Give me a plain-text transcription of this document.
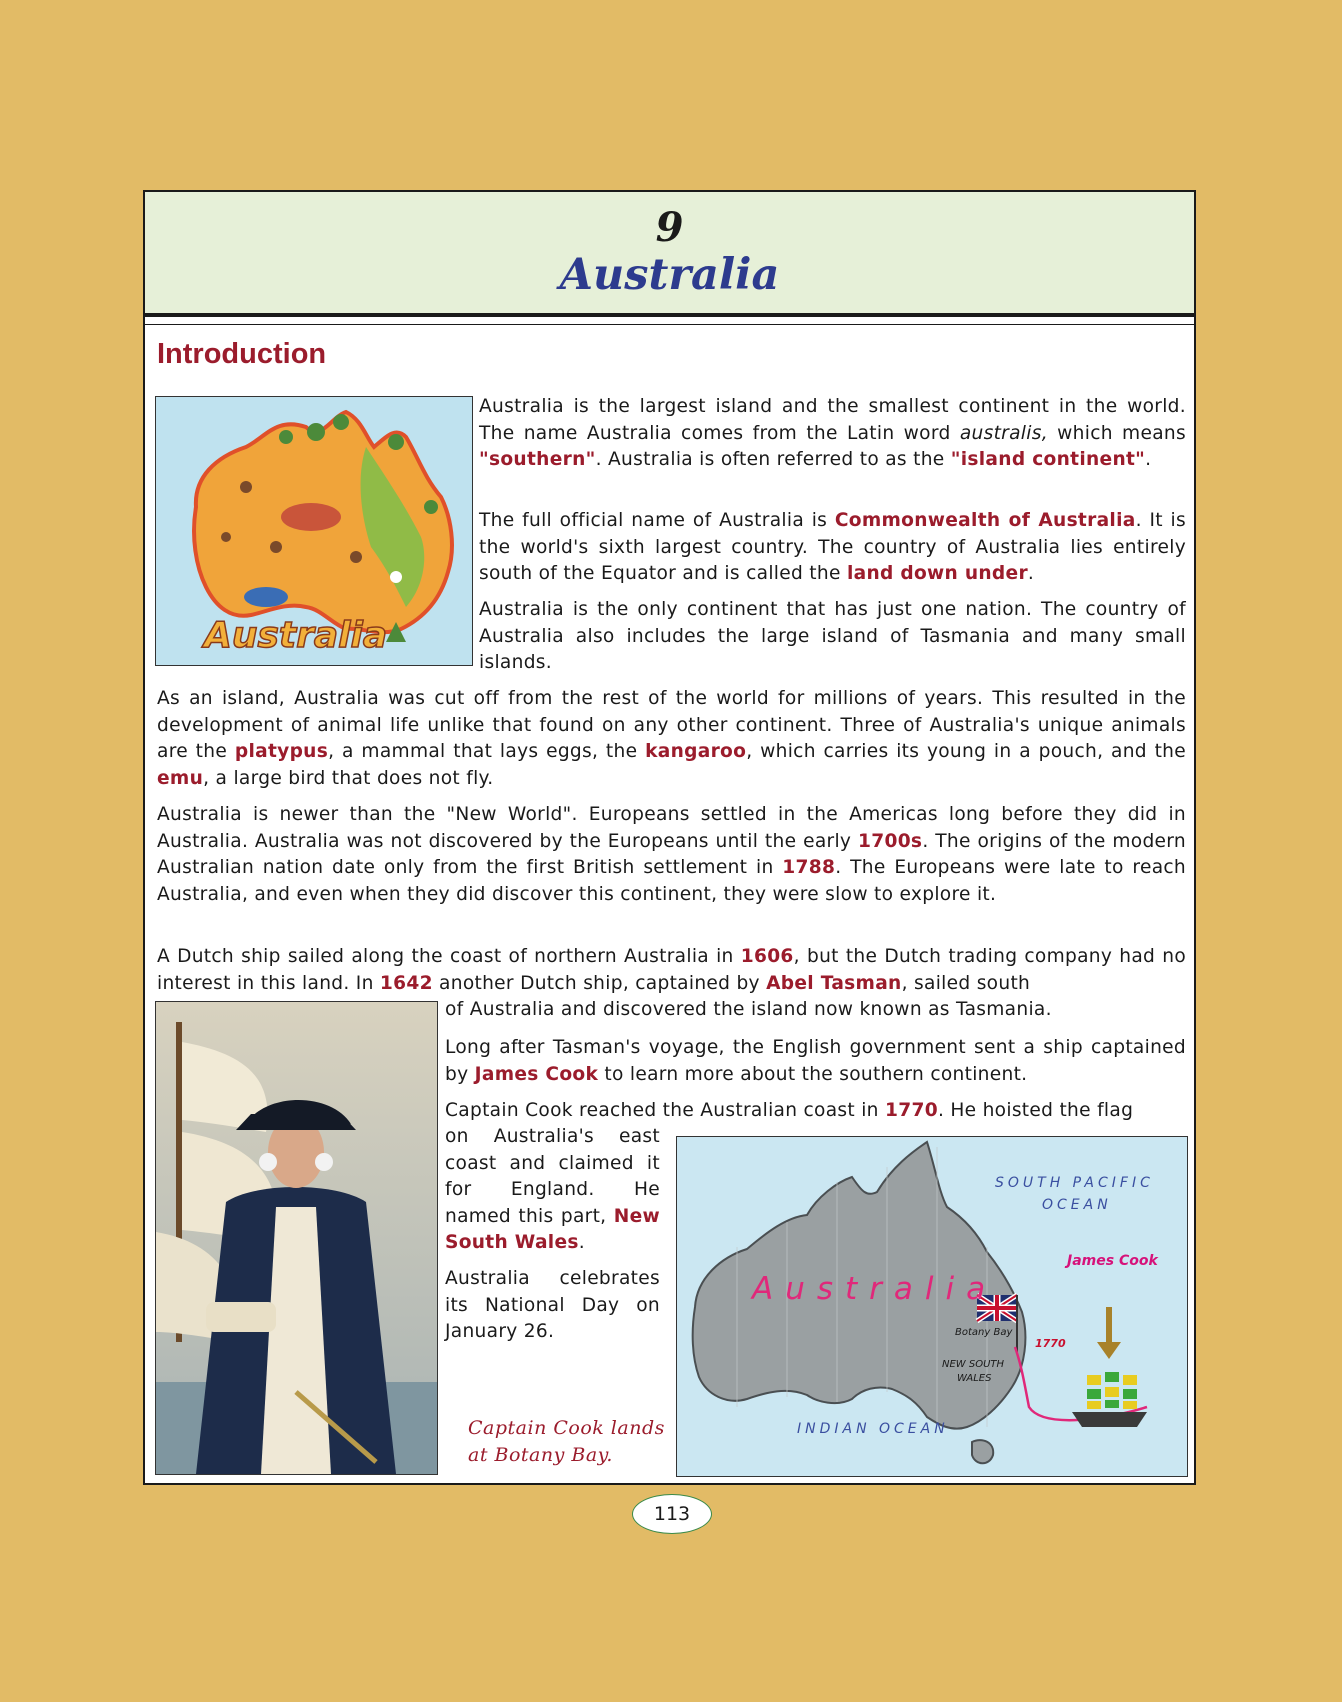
9
Australia
Introduction
Australia

Australia is the largest island and the smallest continent in the world. The name Australia comes from the Latin word australis, which means "southern". Australia is often referred to as the "island continent".

The full official name of Australia is Commonwealth of Australia. It is the world's sixth largest country. The country of Australia lies entirely south of the Equator and is called the land down under.

Australia is the only continent that has just one nation. The country of Australia also includes the large island of Tasmania and many small islands.

As an island, Australia was cut off from the rest of the world for millions of years. This resulted in the development of animal life unlike that found on any other continent. Three of Australia's unique animals are the platypus, a mammal that lays eggs, the kangaroo, which carries its young in a pouch, and the emu, a large bird that does not fly.

Australia is newer than the "New World". Europeans settled in the Americas long before they did in Australia. Australia was not discovered by the Europeans until the early 1700s. The origins of the modern Australian nation date only from the first British settlement in 1788. The Europeans were late to reach Australia, and even when they did discover this continent, they were slow to explore it.

A Dutch ship sailed along the coast of northern Australia in 1606, but the Dutch trading company had no interest in this land. In 1642 another Dutch ship, captained by Abel Tasman, sailed south

of Australia and discovered the island now known as Tasmania.

Long after Tasman's voyage, the English government sent a ship captained by James Cook to learn more about the southern continent.

Captain Cook reached the Australian coast in 1770. He hoisted the flag

on Australia's east coast and claimed it for England. He named this part, New South Wales.

Australia celebrates its National Day on January 26.

Captain Cook lands
at Botany Bay.

SOUTH PACIFIC
OCEAN
INDIAN OCEAN
Australia
James Cook
Botany Bay
1770
NEW SOUTH
WALES
113
